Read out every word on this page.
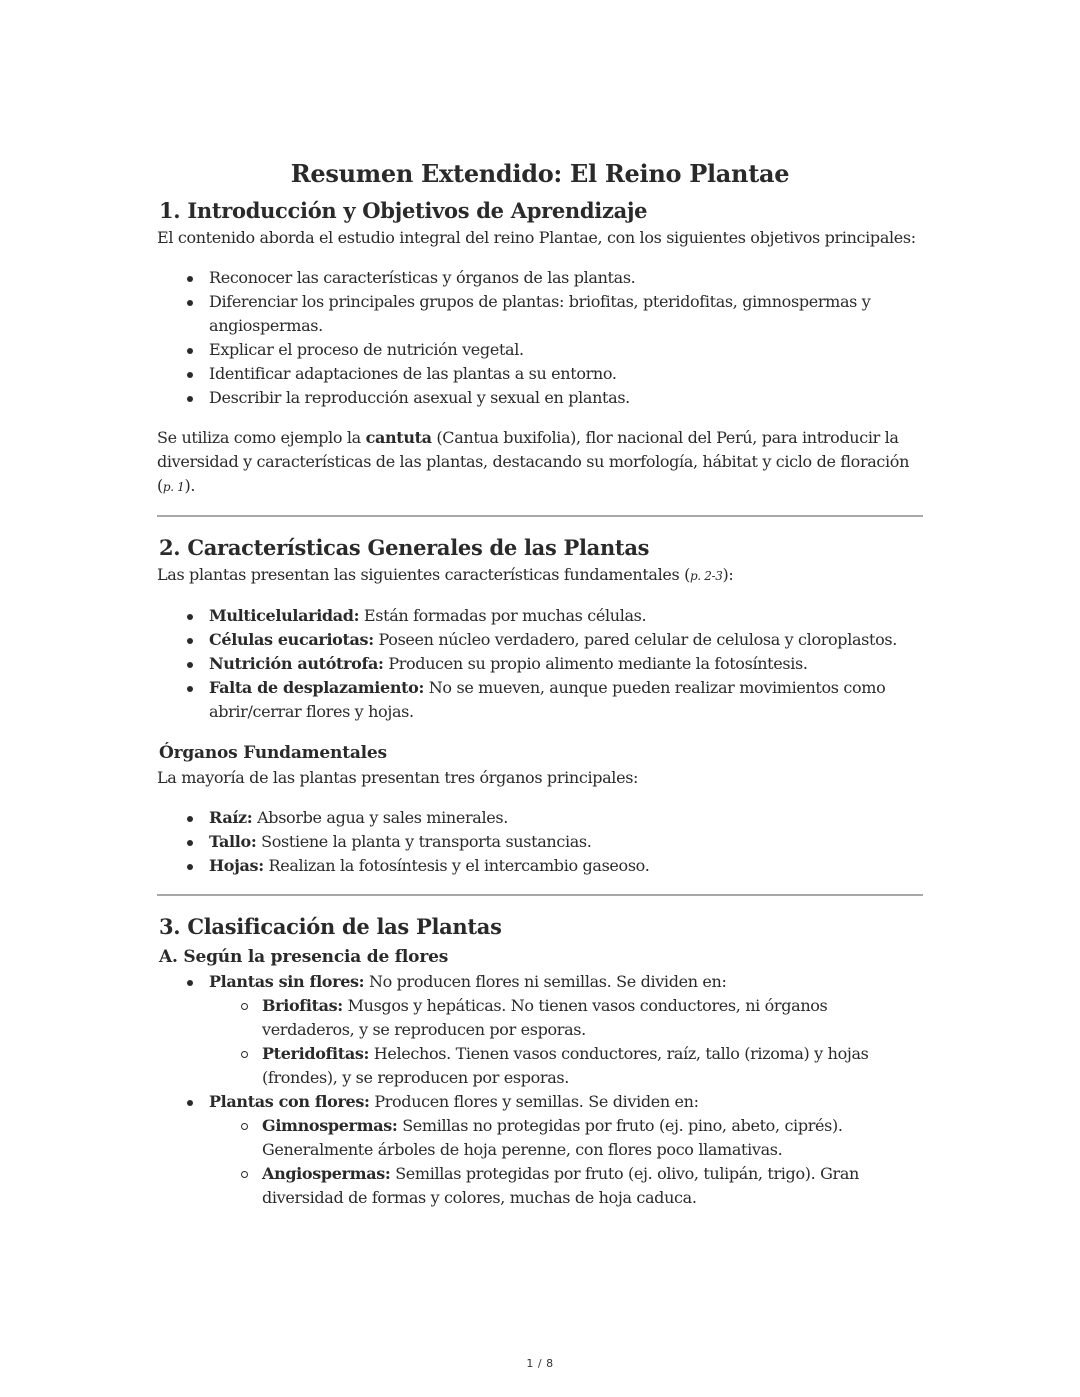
Resumen Extendido: El Reino Plantae
1. Introducción y Objetivos de Aprendizaje

El contenido aborda el estudio integral del reino Plantae, con los siguientes objetivos principales:

Reconocer las características y órganos de las plantas.
Diferenciar los principales grupos de plantas: briofitas, pteridofitas, gimnospermas y angiospermas.
Explicar el proceso de nutrición vegetal.
Identificar adaptaciones de las plantas a su entorno.
Describir la reproducción asexual y sexual en plantas.

Se utiliza como ejemplo la cantuta (Cantua buxifolia), flor nacional del Perú, para introducir la diversidad y características de las plantas, destacando su morfología, hábitat y ciclo de floración (p. 1).

2. Características Generales de las Plantas

Las plantas presentan las siguientes características fundamentales (p. 2-3):

Multicelularidad: Están formadas por muchas células.
Células eucariotas: Poseen núcleo verdadero, pared celular de celulosa y cloroplastos.
Nutrición autótrofa: Producen su propio alimento mediante la fotosíntesis.
Falta de desplazamiento: No se mueven, aunque pueden realizar movimientos como abrir/cerrar flores y hojas.
Órganos Fundamentales

La mayoría de las plantas presentan tres órganos principales:

Raíz: Absorbe agua y sales minerales.
Tallo: Sostiene la planta y transporta sustancias.
Hojas: Realizan la fotosíntesis y el intercambio gaseoso.
3. Clasificación de las Plantas
A. Según la presencia de flores
Plantas sin flores: No producen flores ni semillas. Se dividen en:
Briofitas: Musgos y hepáticas. No tienen vasos conductores, ni órganos verdaderos, y se reproducen por esporas.
Pteridofitas: Helechos. Tienen vasos conductores, raíz, tallo (rizoma) y hojas (frondes), y se reproducen por esporas.
Plantas con flores: Producen flores y semillas. Se dividen en:
Gimnospermas: Semillas no protegidas por fruto (ej. pino, abeto, ciprés). Generalmente árboles de hoja perenne, con flores poco llamativas.
Angiospermas: Semillas protegidas por fruto (ej. olivo, tulipán, trigo). Gran diversidad de formas y colores, muchas de hoja caduca.
1 / 8
